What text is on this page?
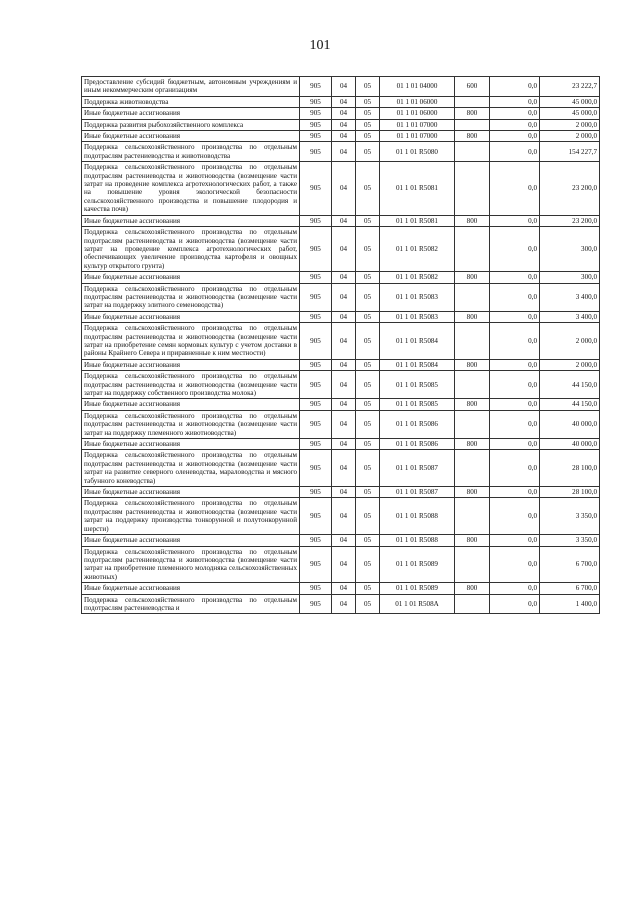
101
Предоставление субсидий бюджетным, автономным учреждениям и иным некоммерческим организациям	905	04	05	01 1 01 04000	600	0,0	23 222,7
Поддержка животноводства	905	04	05	01 1 01 06000		0,0	45 000,0
Иные бюджетные ассигнования	905	04	05	01 1 01 06000	800	0,0	45 000,0
Поддержка развития рыбохозяйственного комплекса	905	04	05	01 1 01 07000		0,0	2 000,0
Иные бюджетные ассигнования	905	04	05	01 1 01 07000	800	0,0	2 000,0
Поддержка сельскохозяйственного производства по отдельным подотраслям растениеводства и животноводства	905	04	05	01 1 01 R5080		0,0	154 227,7
Поддержка сельскохозяйственного производства по отдельным подотраслям растениеводства и животноводства (возмещение части затрат на проведение комплекса агротехнологических работ, а также на повышение уровня экологической безопасности сельскохозяйственного производства и повышение плодородия и качества почв)	905	04	05	01 1 01 R5081		0,0	23 200,0
Иные бюджетные ассигнования	905	04	05	01 1 01 R5081	800	0,0	23 200,0
Поддержка сельскохозяйственного производства по отдельным подотраслям растениеводства и животноводства (возмещение части затрат на проведение комплекса агротехнологических работ, обеспечивающих увеличение производства картофеля и овощных культур открытого грунта)	905	04	05	01 1 01 R5082		0,0	300,0
Иные бюджетные ассигнования	905	04	05	01 1 01 R5082	800	0,0	300,0
Поддержка сельскохозяйственного производства по отдельным подотраслям растениеводства и животноводства (возмещение части затрат на поддержку элитного семеноводства)	905	04	05	01 1 01 R5083		0,0	3 400,0
Иные бюджетные ассигнования	905	04	05	01 1 01 R5083	800	0,0	3 400,0
Поддержка сельскохозяйственного производства по отдельным подотраслям растениеводства и животноводства (возмещение части затрат на приобретение семян кормовых культур с учетом доставки в районы Крайнего Севера и приравненные к ним местности)	905	04	05	01 1 01 R5084		0,0	2 000,0
Иные бюджетные ассигнования	905	04	05	01 1 01 R5084	800	0,0	2 000,0
Поддержка сельскохозяйственного производства по отдельным подотраслям растениеводства и животноводства (возмещение части затрат на поддержку собственного производства молока)	905	04	05	01 1 01 R5085		0,0	44 150,0
Иные бюджетные ассигнования	905	04	05	01 1 01 R5085	800	0,0	44 150,0
Поддержка сельскохозяйственного производства по отдельным подотраслям растениеводства и животноводства (возмещение части затрат на поддержку племенного животноводства)	905	04	05	01 1 01 R5086		0,0	40 000,0
Иные бюджетные ассигнования	905	04	05	01 1 01 R5086	800	0,0	40 000,0
Поддержка сельскохозяйственного производства по отдельным подотраслям растениеводства и животноводства (возмещение части затрат на развитие северного оленеводства, мараловодства и мясного табунного коневодства)	905	04	05	01 1 01 R5087		0,0	28 100,0
Иные бюджетные ассигнования	905	04	05	01 1 01 R5087	800	0,0	28 100,0
Поддержка сельскохозяйственного производства по отдельным подотраслям растениеводства и животноводства (возмещение части затрат на поддержку производства тонкорунной и полутонкорунной шерсти)	905	04	05	01 1 01 R5088		0,0	3 350,0
Иные бюджетные ассигнования	905	04	05	01 1 01 R5088	800	0,0	3 350,0
Поддержка сельскохозяйственного производства по отдельным подотраслям растениеводства и животноводства (возмещение части затрат на приобретение племенного молодняка сельскохозяйственных животных)	905	04	05	01 1 01 R5089		0,0	6 700,0
Иные бюджетные ассигнования	905	04	05	01 1 01 R5089	800	0,0	6 700,0
Поддержка сельскохозяйственного производства по отдельным подотраслям растениеводства и	905	04	05	01 1 01 R508А		0,0	1 400,0
